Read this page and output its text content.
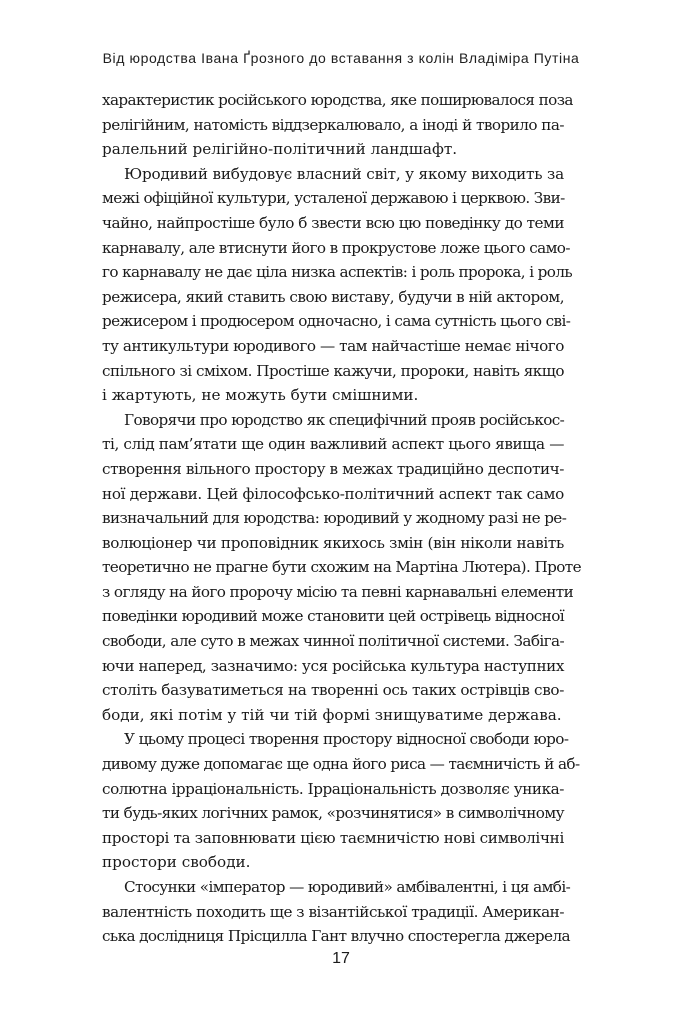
Від юродства Івана Ґрозного до вставання з колін Владіміра Путіна
характеристик російського юродства, яке поширювалося поза
релігійним, натомість віддзеркалювало, а іноді й творило па-
ралельний релігійно-політичний ландшафт.
Юродивий вибудовує власний світ, у якому виходить за
межі офіційної культури, усталеної державою і церквою. Зви-
чайно, найпростіше було б звести всю цю поведінку до теми
карнавалу, але втиснути його в прокрустове ложе цього само-
го карнавалу не дає ціла низка аспектів: і роль пророка, і роль
режисера, який ставить свою виставу, будучи в ній актором,
режисером і продюсером одночасно, і сама сутність цього сві-
ту антикультури юродивого — там найчастіше немає нічого
спільного зі сміхом. Простіше кажучи, пророки, навіть якщо
і жартують, не можуть бути смішними.
Говорячи про юродство як специфічний прояв російськос-
ті, слід пам’ятати ще один важливий аспект цього явища —
створення вільного простору в межах традиційно деспотич-
ної держави. Цей філософсько-політичний аспект так само
визначальний для юродства: юродивий у жодному разі не ре-
волюціонер чи проповідник якихось змін (він ніколи навіть
теоретично не прагне бути схожим на Мартіна Лютера). Проте
з огляду на його пророчу місію та певні карнавальні елементи
поведінки юродивий може становити цей острівець відносної
свободи, але суто в межах чинної політичної системи. Забіга-
ючи наперед, зазначимо: уся російська культура наступних
століть базуватиметься на творенні ось таких острівців сво-
боди, які потім у тій чи тій формі знищуватиме держава.
У цьому процесі творення простору відносної свободи юро-
дивому дуже допомагає ще одна його риса — таємничість й аб-
солютна ірраціональність. Ірраціональність дозволяє уника-
ти будь-яких логічних рамок, «розчинятися» в символічному
просторі та заповнювати цією таємничістю нові символічні
простори свободи.
Стосунки «імператор — юродивий» амбівалентні, і ця амбі-
валентність походить ще з візантійської традиції. Американ-
ська дослідниця Прісцилла Гант влучно спостерегла джерела
17
